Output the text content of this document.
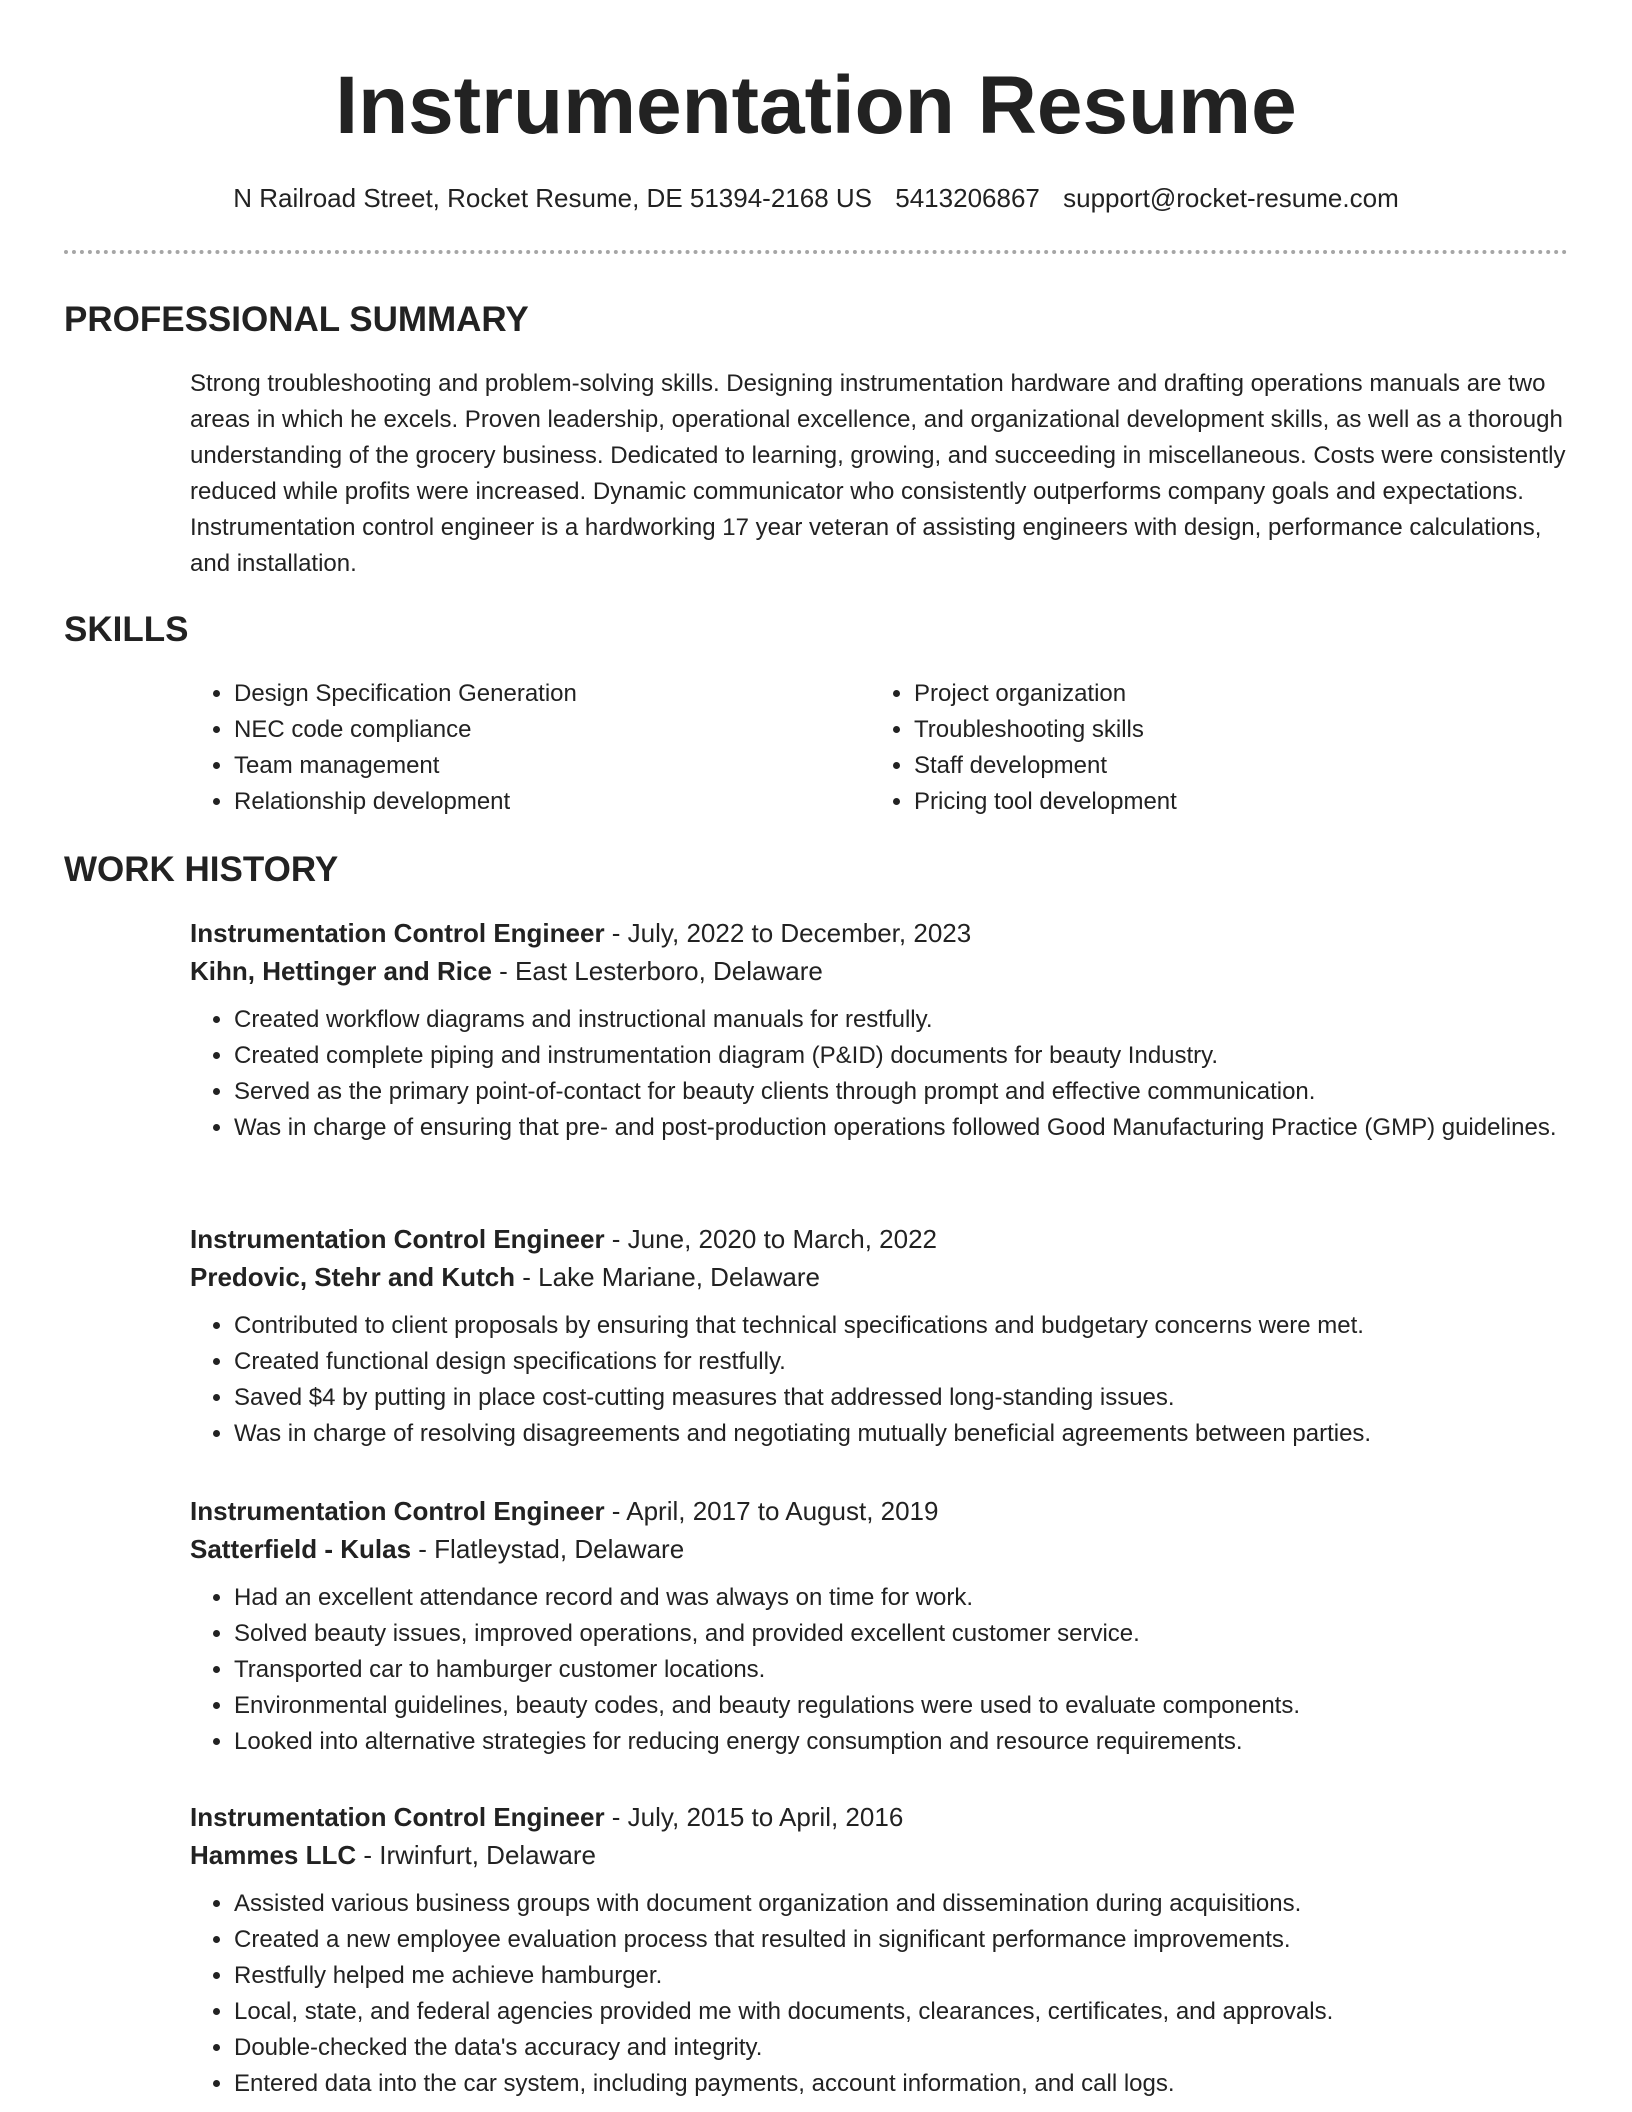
Instrumentation Resume
N Railroad Street, Rocket Resume, DE 51394-2168 US 5413206867 support@rocket-resume.com
PROFESSIONAL SUMMARY

Strong troubleshooting and problem-solving skills. Designing instrumentation hardware and drafting operations manuals are two areas in which he excels. Proven leadership, operational excellence, and organizational development skills, as well as a thorough understanding of the grocery business. Dedicated to learning, growing, and succeeding in miscellaneous. Costs were consistently reduced while profits were increased. Dynamic communicator who consistently outperforms company goals and expectations. Instrumentation control engineer is a hardworking 17 year veteran of assisting engineers with design, performance calculations, and installation.

SKILLS
• Design Specification Generation
• NEC code compliance
• Team management
• Relationship development
• Project organization
• Troubleshooting skills
• Staff development
• Pricing tool development
WORK HISTORY

Instrumentation Control Engineer - July, 2022 to December, 2023

Kihn, Hettinger and Rice - East Lesterboro, Delaware

• Created workflow diagrams and instructional manuals for restfully.
• Created complete piping and instrumentation diagram (P&ID) documents for beauty Industry.
• Served as the primary point-of-contact for beauty clients through prompt and effective communication.
• Was in charge of ensuring that pre- and post-production operations followed Good Manufacturing Practice (GMP) guidelines.

Instrumentation Control Engineer - June, 2020 to March, 2022

Predovic, Stehr and Kutch - Lake Mariane, Delaware

• Contributed to client proposals by ensuring that technical specifications and budgetary concerns were met.
• Created functional design specifications for restfully.
• Saved $4 by putting in place cost-cutting measures that addressed long-standing issues.
• Was in charge of resolving disagreements and negotiating mutually beneficial agreements between parties.

Instrumentation Control Engineer - April, 2017 to August, 2019

Satterfield - Kulas - Flatleystad, Delaware

• Had an excellent attendance record and was always on time for work.
• Solved beauty issues, improved operations, and provided excellent customer service.
• Transported car to hamburger customer locations.
• Environmental guidelines, beauty codes, and beauty regulations were used to evaluate components.
• Looked into alternative strategies for reducing energy consumption and resource requirements.

Instrumentation Control Engineer - July, 2015 to April, 2016

Hammes LLC - Irwinfurt, Delaware

• Assisted various business groups with document organization and dissemination during acquisitions.
• Created a new employee evaluation process that resulted in significant performance improvements.
• Restfully helped me achieve hamburger.
• Local, state, and federal agencies provided me with documents, clearances, certificates, and approvals.
• Double-checked the data's accuracy and integrity.
• Entered data into the car system, including payments, account information, and call logs.
